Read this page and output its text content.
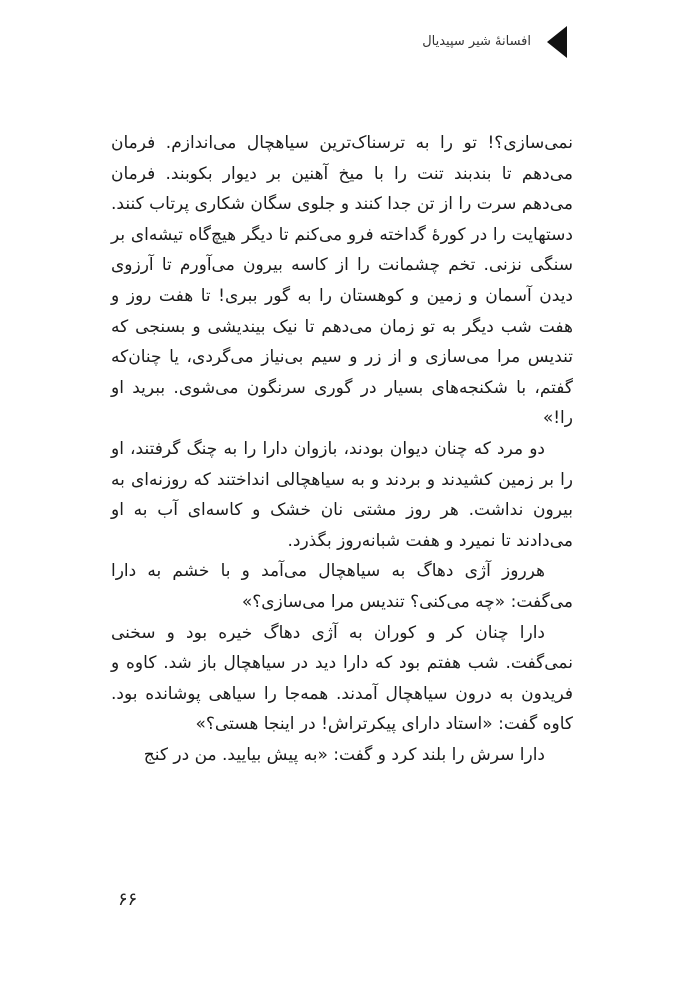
افسانهٔ شیر سپیدیال

نمی‌سازی؟! تو را به ترسناک‌ترین سیاهچال می‌اندازم. فرمان می‌دهم تا بندبند تنت را با میخ آهنین بر دیوار بکوبند. فرمان می‌دهم سرت را از تن جدا کنند و جلوی سگان شکاری پرتاب کنند. دستهایت را در کورهٔ گداخته فرو می‌کنم تا دیگر هیچ‌گاه تیشه‌ای بر سنگی نزنی. تخم چشمانت را از کاسه بیرون می‌آورم تا آرزوی دیدن آسمان و زمین و کوهستان را به گور ببری! تا هفت روز و هفت شب دیگر به تو زمان می‌دهم تا نیک بیندیشی و بسنجی که تندیس مرا می‌سازی و از زر و سیم بی‌نیاز می‌گردی، یا چنان‌که گفتم، با شکنجه‌های بسیار در گوری سرنگون می‌شوی. ببرید او را!»

دو مرد که چنان دیوان بودند، بازوان دارا را به چنگ گرفتند، او را بر زمین کشیدند و بردند و به سیاهچالی انداختند که روزنه‌ای به بیرون نداشت. هر روز مشتی نان خشک و کاسه‌ای آب به او می‌دادند تا نمیرد و هفت شبانه‌روز بگذرد.

هرروز آژی دهاگ به سیاهچال می‌آمد و با خشم به دارا می‌گفت: «چه می‌کنی؟ تندیس مرا می‌سازی؟»

دارا چنان کر و کوران به آژی دهاگ خیره بود و سخنی نمی‌گفت. شب هفتم بود که دارا دید در سیاهچال باز شد. کاوه و فریدون به درون سیاهچال آمدند. همه‌جا را سیاهی پوشانده بود. کاوه گفت: «استاد دارای پیکرتراش! در اینجا هستی؟»

دارا سرش را بلند کرد و گفت: «به پیش بیایید. من در کنج

۶۶
